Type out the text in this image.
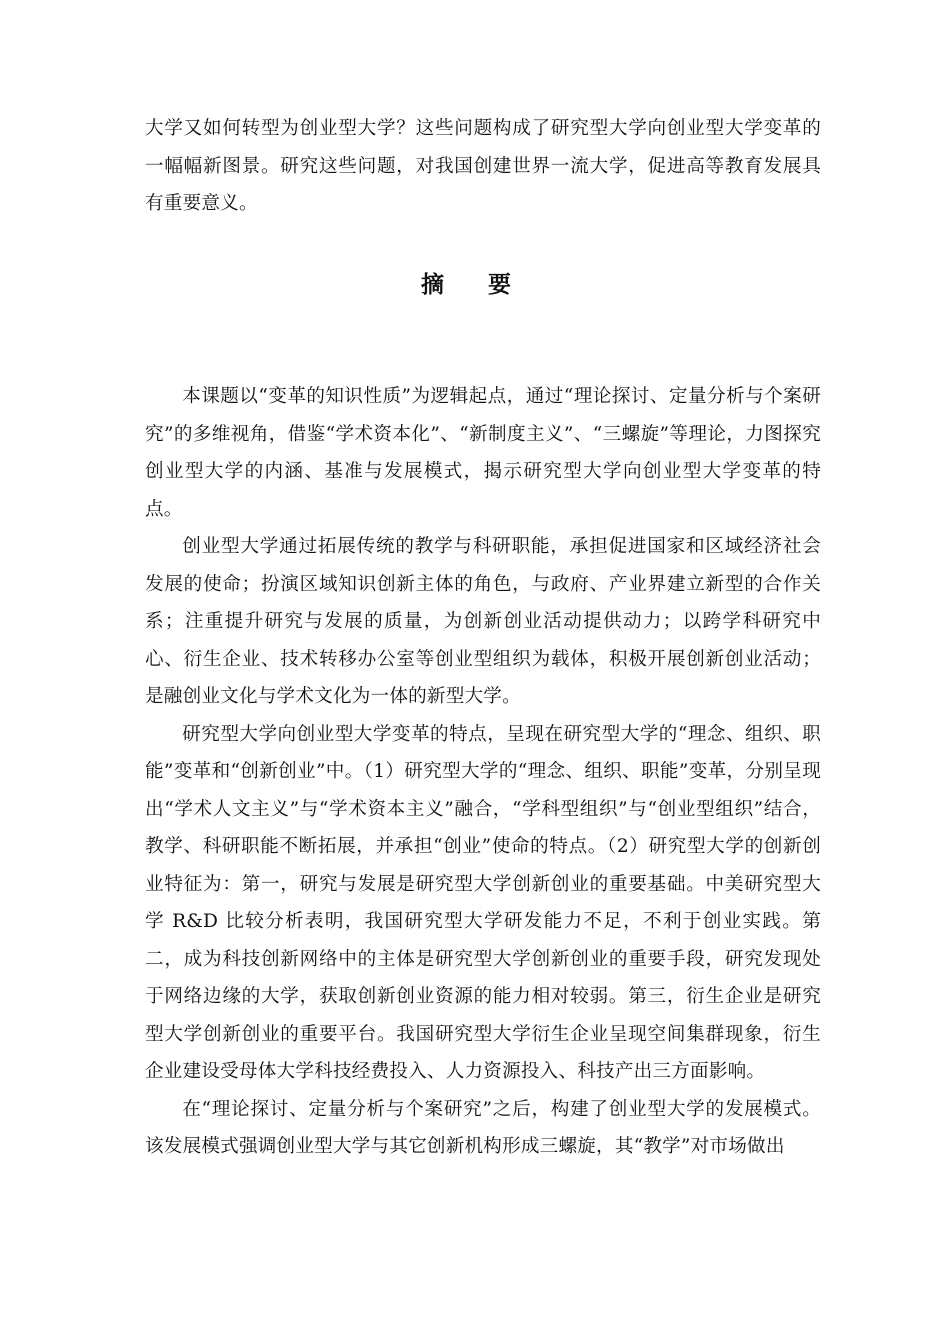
大学又如何转型为创业型大学？这些问题构成了研究型大学向创业型大学变革的一幅幅新图景。研究这些问题，对我国创建世界一流大学，促进高等教育发展具有重要意义。

摘 要

本课题以“变革的知识性质”为逻辑起点，通过“理论探讨、定量分析与个案研究”的多维视角，借鉴“学术资本化”、“新制度主义”、“三螺旋”等理论，力图探究创业型大学的内涵、基准与发展模式，揭示研究型大学向创业型大学变革的特点。

创业型大学通过拓展传统的教学与科研职能，承担促进国家和区域经济社会发展的使命；扮演区域知识创新主体的角色，与政府、产业界建立新型的合作关系；注重提升研究与发展的质量，为创新创业活动提供动力；以跨学科研究中心、衍生企业、技术转移办公室等创业型组织为载体，积极开展创新创业活动；是融创业文化与学术文化为一体的新型大学。

研究型大学向创业型大学变革的特点，呈现在研究型大学的“理念、组织、职能”变革和“创新创业”中。（1）研究型大学的“理念、组织、职能”变革，分别呈现出“学术人文主义”与“学术资本主义”融合，“学科型组织”与“创业型组织”结合，教学、科研职能不断拓展，并承担“创业”使命的特点。（2）研究型大学的创新创业特征为：第一，研究与发展是研究型大学创新创业的重要基础。中美研究型大学 R&D 比较分析表明，我国研究型大学研发能力不足，不利于创业实践。第二，成为科技创新网络中的主体是研究型大学创新创业的重要手段，研究发现处于网络边缘的大学，获取创新创业资源的能力相对较弱。第三，衍生企业是研究型大学创新创业的重要平台。我国研究型大学衍生企业呈现空间集群现象，衍生企业建设受母体大学科技经费投入、人力资源投入、科技产出三方面影响。

在“理论探讨、定量分析与个案研究”之后，构建了创业型大学的发展模式。该发展模式强调创业型大学与其它创新机构形成三螺旋，其“教学”对市场做出
